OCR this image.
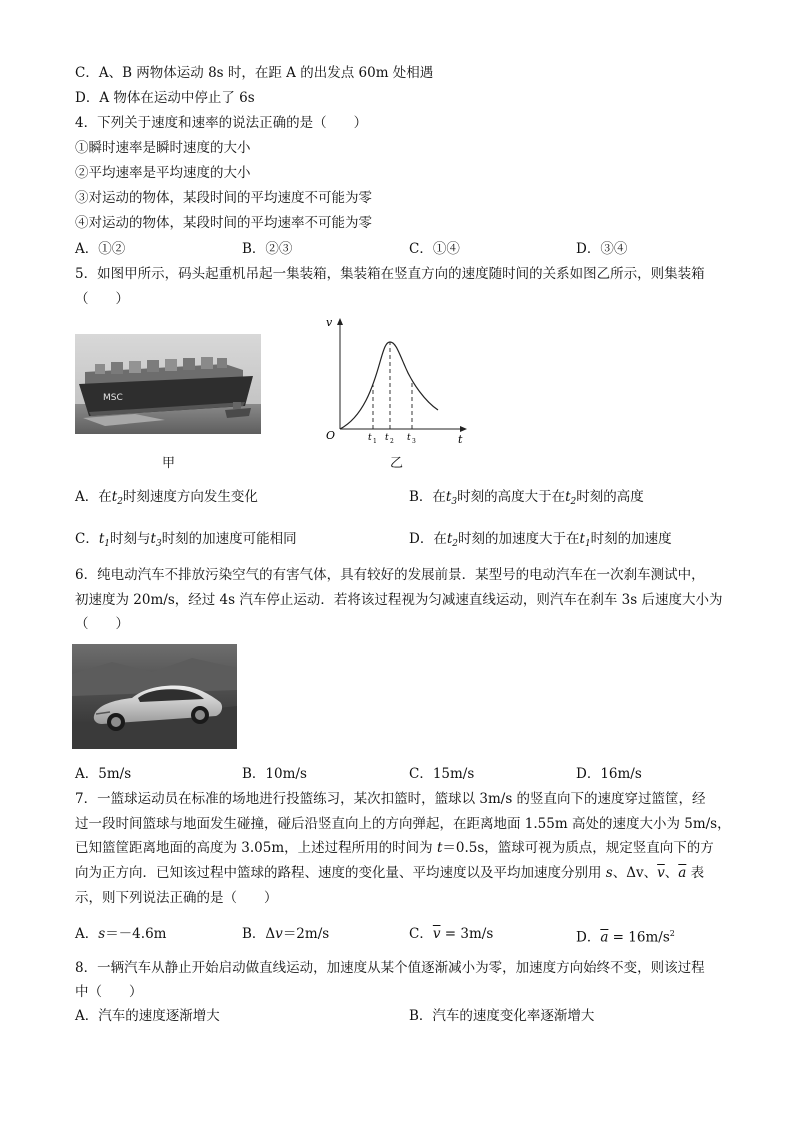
C．A、B 两物体运动 8s 时，在距 A 的出发点 60m 处相遇
D．A 物体在运动中停止了 6s
4．下列关于速度和速率的说法正确的是（　　）
①瞬时速率是瞬时速度的大小
②平均速率是平均速度的大小
③对运动的物体，某段时间的平均速度不可能为零
④对运动的物体，某段时间的平均速率不可能为零
A．①②	B．②③	C．①④	D．③④
5．如图甲所示，码头起重机吊起一集装箱，集装箱在竖直方向的速度随时间的关系如图乙所示，则集装箱
（　　）
MSC
甲
v
t
O	t 1 t 2 t 3
乙
A．在$t_2$时刻速度方向发生变化	B．在$t_3$时刻的高度大于在$t_2$时刻的高度
C．$t_1$时刻与$t_3$时刻的加速度可能相同	D．在$t_2$时刻的加速度大于在$t_1$时刻的加速度
6．纯电动汽车不排放污染空气的有害气体，具有较好的发展前景．某型号的电动汽车在一次刹车测试中，
初速度为 20m/s，经过 4s 汽车停止运动．若将该过程视为匀减速直线运动，则汽车在刹车 3s 后速度大小为
（　　）
A．5m/s	B．10m/s	C．15m/s	D．16m/s
7．一篮球运动员在标准的场地进行投篮练习，某次扣篮时，篮球以 3m/s 的竖直向下的速度穿过篮筐，经
过一段时间篮球与地面发生碰撞，碰后沿竖直向上的方向弹起，在距离地面 1.55m 高处的速度大小为 5m/s，
已知篮筐距离地面的高度为 3.05m，上述过程所用的时间为 t＝0.5s，篮球可视为质点，规定竖直向下的方
向为正方向．已知该过程中篮球的路程、速度的变化量、平均速度以及平均加速度分别用 s、Δv、$\overline{v}$、$\overline{a}$ 表
示，则下列说法正确的是（　　）
A．s＝－4.6m	B．Δv＝2m/s	C．$\overline{v} = 3m/s$	D．$\overline{a} = 16m/s^2$
8．一辆汽车从静止开始启动做直线运动，加速度从某个值逐渐减小为零，加速度方向始终不变，则该过程
中（　　）
A．汽车的速度逐渐增大	B．汽车的速度变化率逐渐增大
